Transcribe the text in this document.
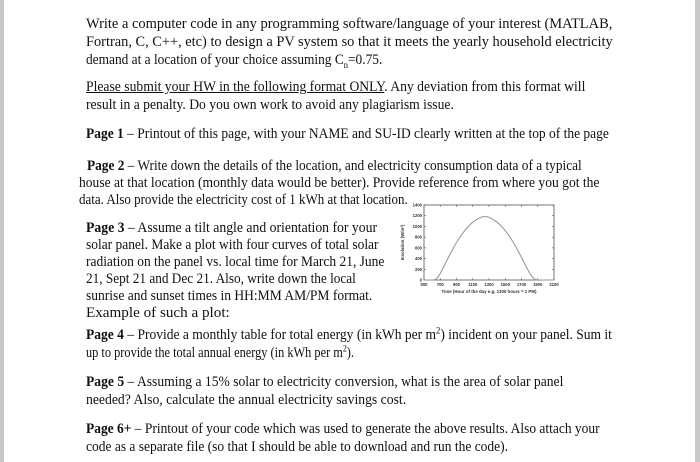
Write a computer code in any programming software/language of your interest (MATLAB,
Fortran, C, C++, etc) to design a PV system so that it meets the yearly household electricity
demand at a location of your choice assuming $C_n=0.75$.
Please submit your HW in the following format ONLY. Any deviation from this format will
result in a penalty. Do you own work to avoid any plagiarism issue.
Page 1 – Printout of this page, with your NAME and SU-ID clearly written at the top of the page
Page 2 – Write down the details of the location, and electricity consumption data of a typical
house at that location (monthly data would be better). Provide reference from where you got the
data. Also provide the electricity cost of 1 kWh at that location.
Page 3 – Assume a tilt angle and orientation for your
solar panel. Make a plot with four curves of total solar
radiation on the panel vs. local time for March 21, June
21, Sept 21 and Dec 21. Also, write down the local
sunrise and sunset times in HH:MM AM/PM format.
Example of such a plot:
500 700 900 1100 1300 1500 1700 1900 2100
0
200
400
600
800
1000
1200
1400
Time (Hour of the day e.g. 1300 hours = 1 PM)
Insolation (W/m²)
Page 4 – Provide a monthly table for total energy (in kWh per $m^2$) incident on your panel. Sum it
up to provide the total annual energy (in kWh per $m^2$).
Page 5 – Assuming a 15% solar to electricity conversion, what is the area of solar panel
needed? Also, calculate the annual electricity savings cost.
Page 6+ – Printout of your code which was used to generate the above results. Also attach your
code as a separate file (so that I should be able to download and run the code).
